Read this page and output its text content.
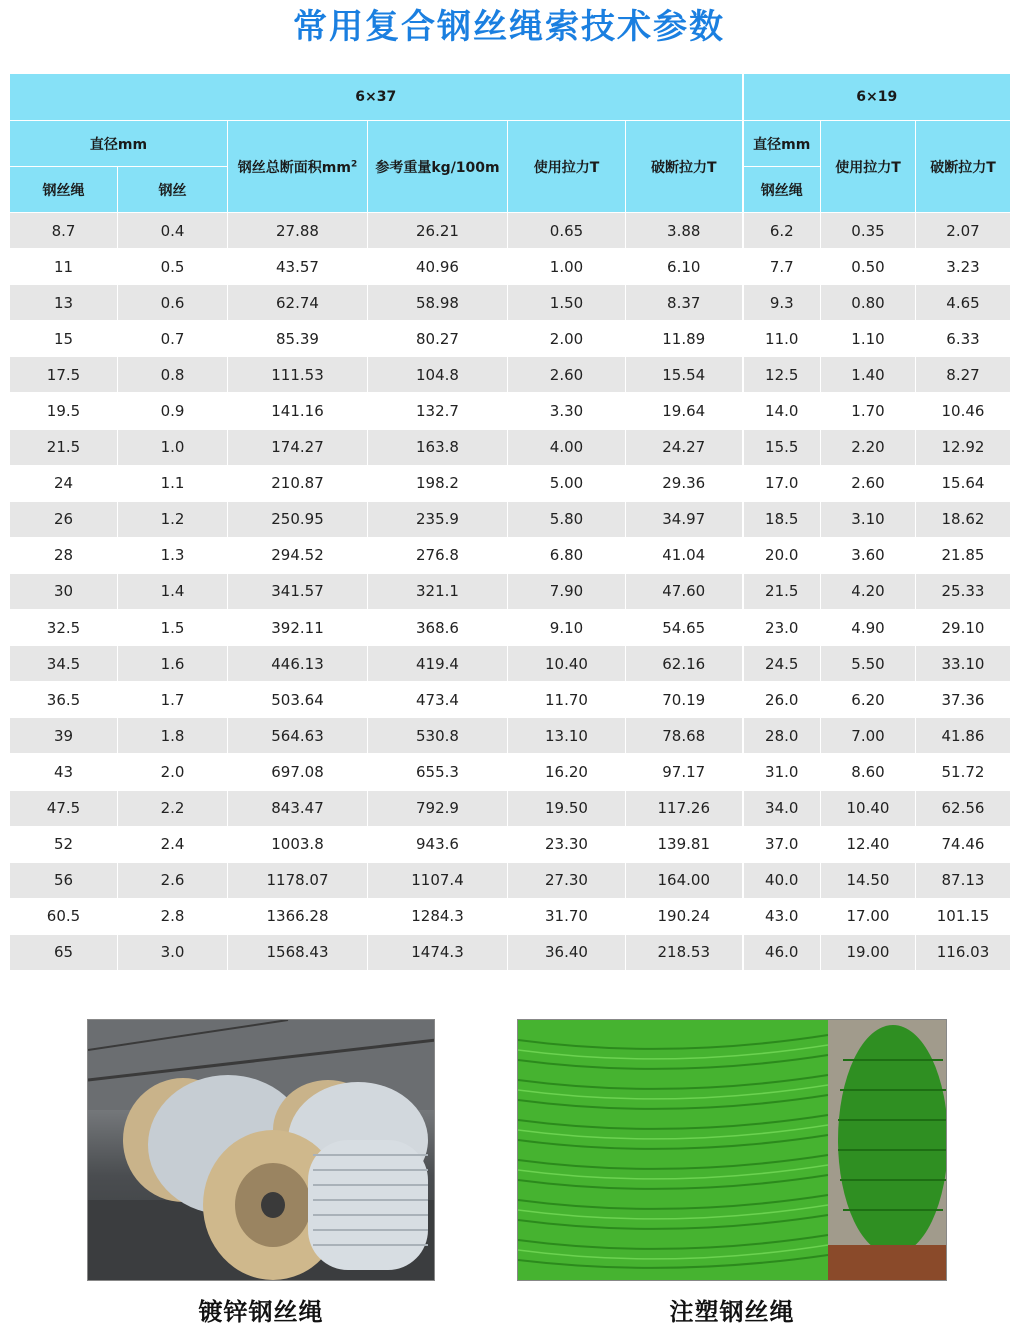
常用复合钢丝绳索技术参数
6×37						6×19		
直径mm		钢丝总断面积$mm^2$	参考重量kg/100m	使用拉力T	破断拉力T	直径mm	使用拉力T	破断拉力T
钢丝绳	钢丝					钢丝绳		
8.7	0.4	27.88	26.21	0.65	3.88	6.2	0.35	2.07
11	0.5	43.57	40.96	1.00	6.10	7.7	0.50	3.23
13	0.6	62.74	58.98	1.50	8.37	9.3	0.80	4.65
15	0.7	85.39	80.27	2.00	11.89	11.0	1.10	6.33
17.5	0.8	111.53	104.8	2.60	15.54	12.5	1.40	8.27
19.5	0.9	141.16	132.7	3.30	19.64	14.0	1.70	10.46
21.5	1.0	174.27	163.8	4.00	24.27	15.5	2.20	12.92
24	1.1	210.87	198.2	5.00	29.36	17.0	2.60	15.64
26	1.2	250.95	235.9	5.80	34.97	18.5	3.10	18.62
28	1.3	294.52	276.8	6.80	41.04	20.0	3.60	21.85
30	1.4	341.57	321.1	7.90	47.60	21.5	4.20	25.33
32.5	1.5	392.11	368.6	9.10	54.65	23.0	4.90	29.10
34.5	1.6	446.13	419.4	10.40	62.16	24.5	5.50	33.10
36.5	1.7	503.64	473.4	11.70	70.19	26.0	6.20	37.36
39	1.8	564.63	530.8	13.10	78.68	28.0	7.00	41.86
43	2.0	697.08	655.3	16.20	97.17	31.0	8.60	51.72
47.5	2.2	843.47	792.9	19.50	117.26	34.0	10.40	62.56
52	2.4	1003.8	943.6	23.30	139.81	37.0	12.40	74.46
56	2.6	1178.07	1107.4	27.30	164.00	40.0	14.50	87.13
60.5	2.8	1366.28	1284.3	31.70	190.24	43.0	17.00	101.15
65	3.0	1568.43	1474.3	36.40	218.53	46.0	19.00	116.03
镀锌钢丝绳	注塑钢丝绳
